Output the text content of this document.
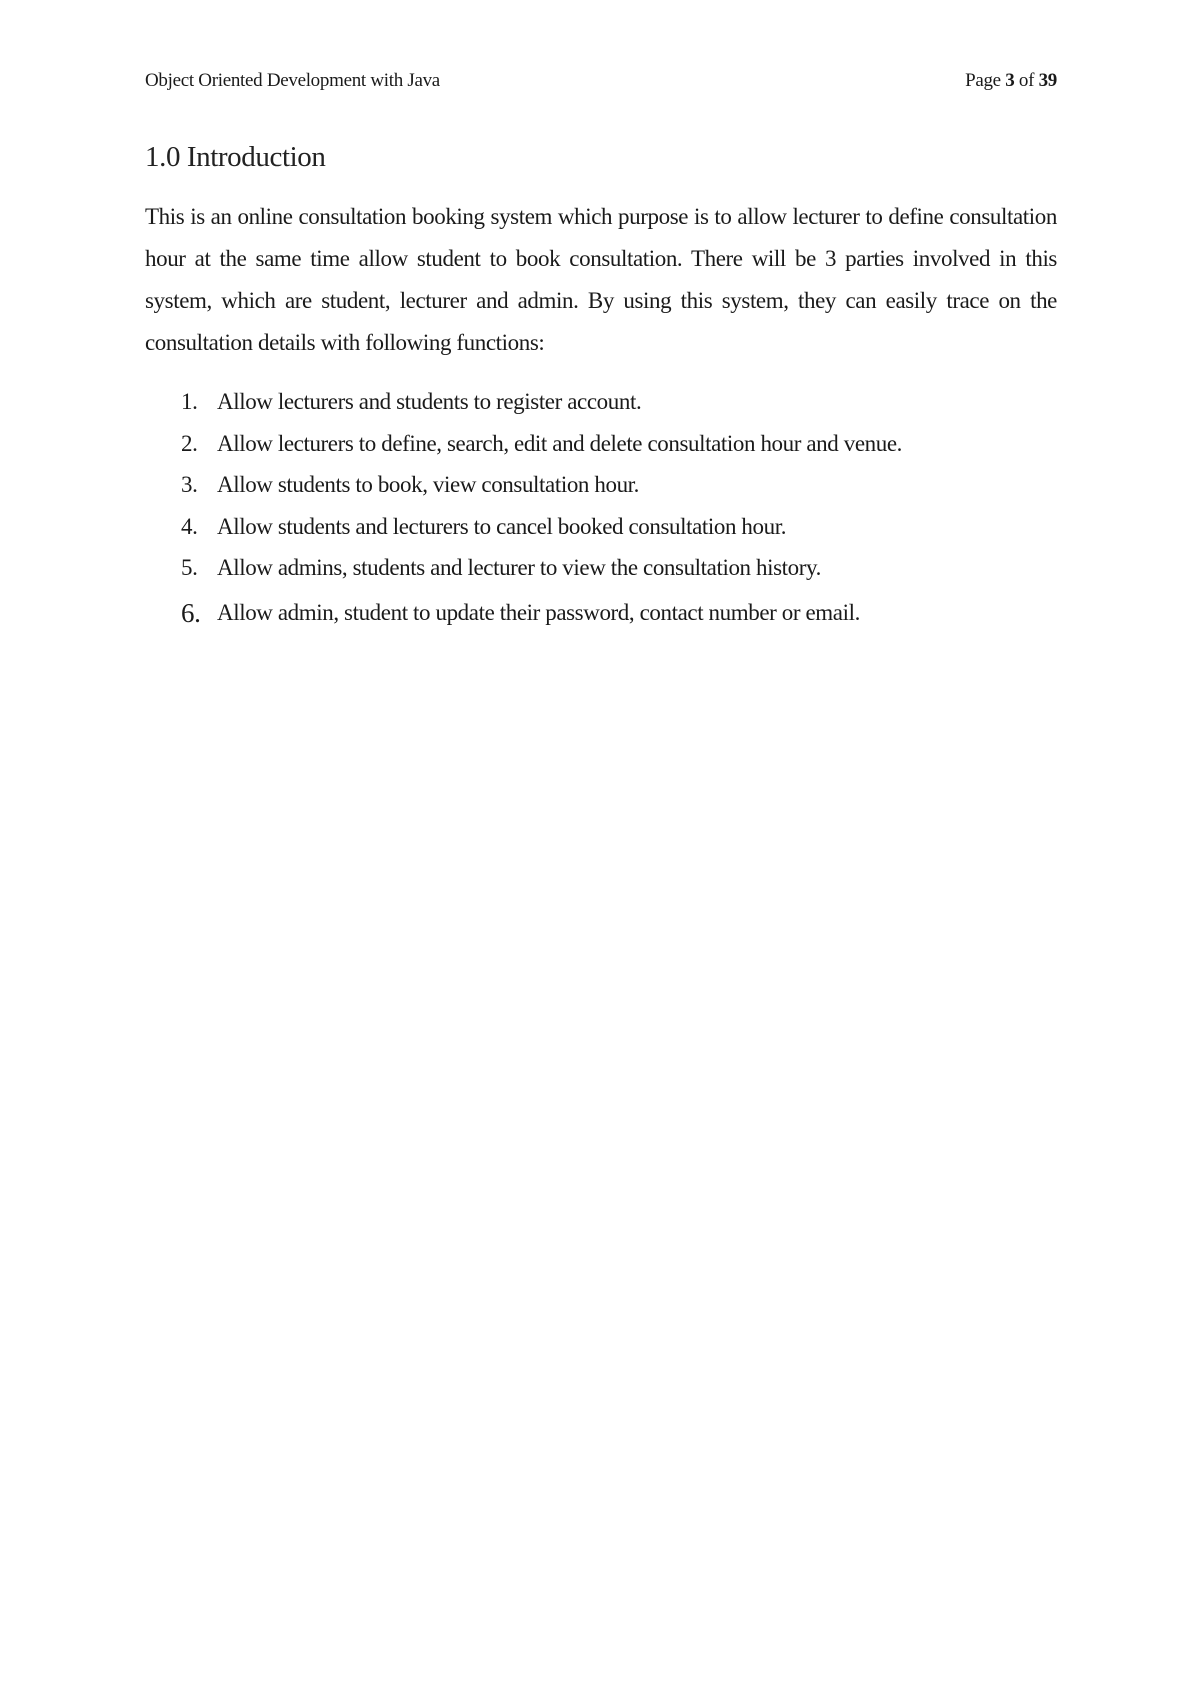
Object Oriented Development with Java	Page 3 of 39
1.0 Introduction

This is an online consultation booking system which purpose is to allow lecturer to define consultation hour at the same time allow student to book consultation. There will be 3 parties involved in this system, which are student, lecturer and admin. By using this system, they can easily trace on the consultation details with following functions:

1. Allow lecturers and students to register account.
2. Allow lecturers to define, search, edit and delete consultation hour and venue.
3. Allow students to book, view consultation hour.
4. Allow students and lecturers to cancel booked consultation hour.
5. Allow admins, students and lecturer to view the consultation history.
6. Allow admin, student to update their password, contact number or email.
